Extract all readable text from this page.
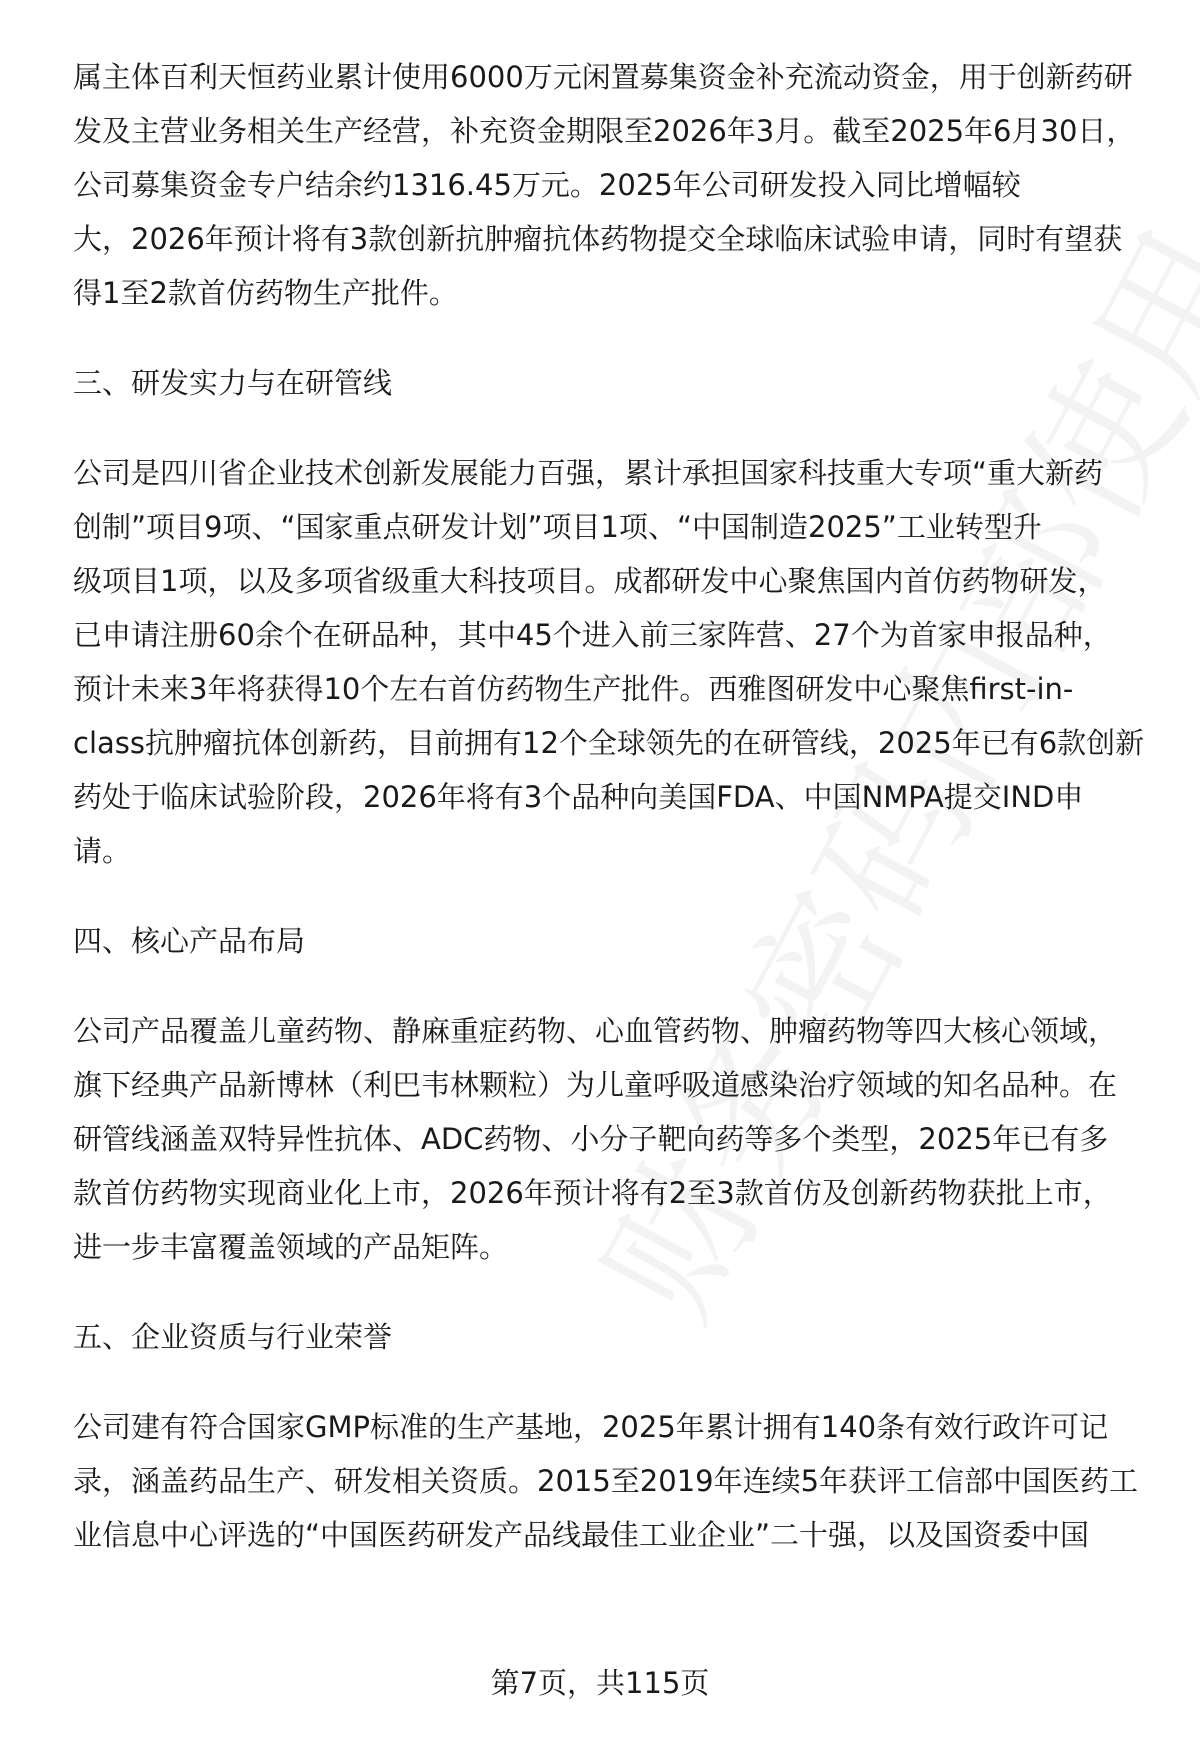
属主体百利天恒药业累计使用6000万元闲置募集资金补充流动资金，用于创新药研
发及主营业务相关生产经营，补充资金期限至2026年3月。截至2025年6月30日，
公司募集资金专户结余约1316.45万元。2025年公司研发投入同比增幅较
大，2026年预计将有3款创新抗肿瘤抗体药物提交全球临床试验申请，同时有望获
得1至2款首仿药物生产批件。
三、研发实力与在研管线
公司是四川省企业技术创新发展能力百强，累计承担国家科技重大专项“重大新药
创制”项目9项、“国家重点研发计划”项目1项、“中国制造2025”工业转型升
级项目1项，以及多项省级重大科技项目。成都研发中心聚焦国内首仿药物研发，
已申请注册60余个在研品种，其中45个进入前三家阵营、27个为首家申报品种，
预计未来3年将获得10个左右首仿药物生产批件。西雅图研发中心聚焦first-in-
class抗肿瘤抗体创新药，目前拥有12个全球领先的在研管线，2025年已有6款创新
药处于临床试验阶段，2026年将有3个品种向美国FDA、中国NMPA提交IND申
请。
四、核心产品布局
公司产品覆盖儿童药物、静麻重症药物、心血管药物、肿瘤药物等四大核心领域，
旗下经典产品新博林（利巴韦林颗粒）为儿童呼吸道感染治疗领域的知名品种。在
研管线涵盖双特异性抗体、ADC药物、小分子靶向药等多个类型，2025年已有多
款首仿药物实现商业化上市，2026年预计将有2至3款首仿及创新药物获批上市，
进一步丰富覆盖领域的产品矩阵。
五、企业资质与行业荣誉
公司建有符合国家GMP标准的生产基地，2025年累计拥有140条有效行政许可记
录，涵盖药品生产、研发相关资质。2015至2019年连续5年获评工信部中国医药工
业信息中心评选的“中国医药研发产品线最佳工业企业”二十强，以及国资委中国
第7页，共115页
